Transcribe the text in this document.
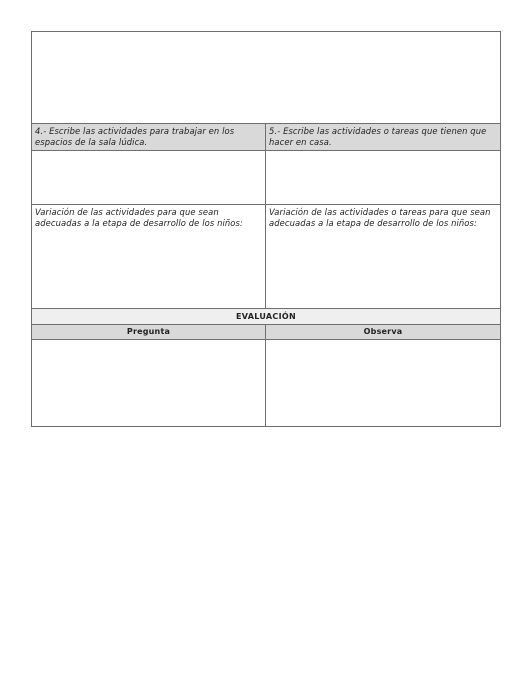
4.- Escribe las actividades para trabajar en los espacios de la sala lúdica.	5.- Escribe las actividades o tareas que tienen que hacer en casa.

Variación de las actividades para que sean adecuadas a la etapa de desarrollo de los niños:	Variación de las actividades o tareas para que sean adecuadas a la etapa de desarrollo de los niños:

EVALUACIÓN	
Pregunta	Observa
